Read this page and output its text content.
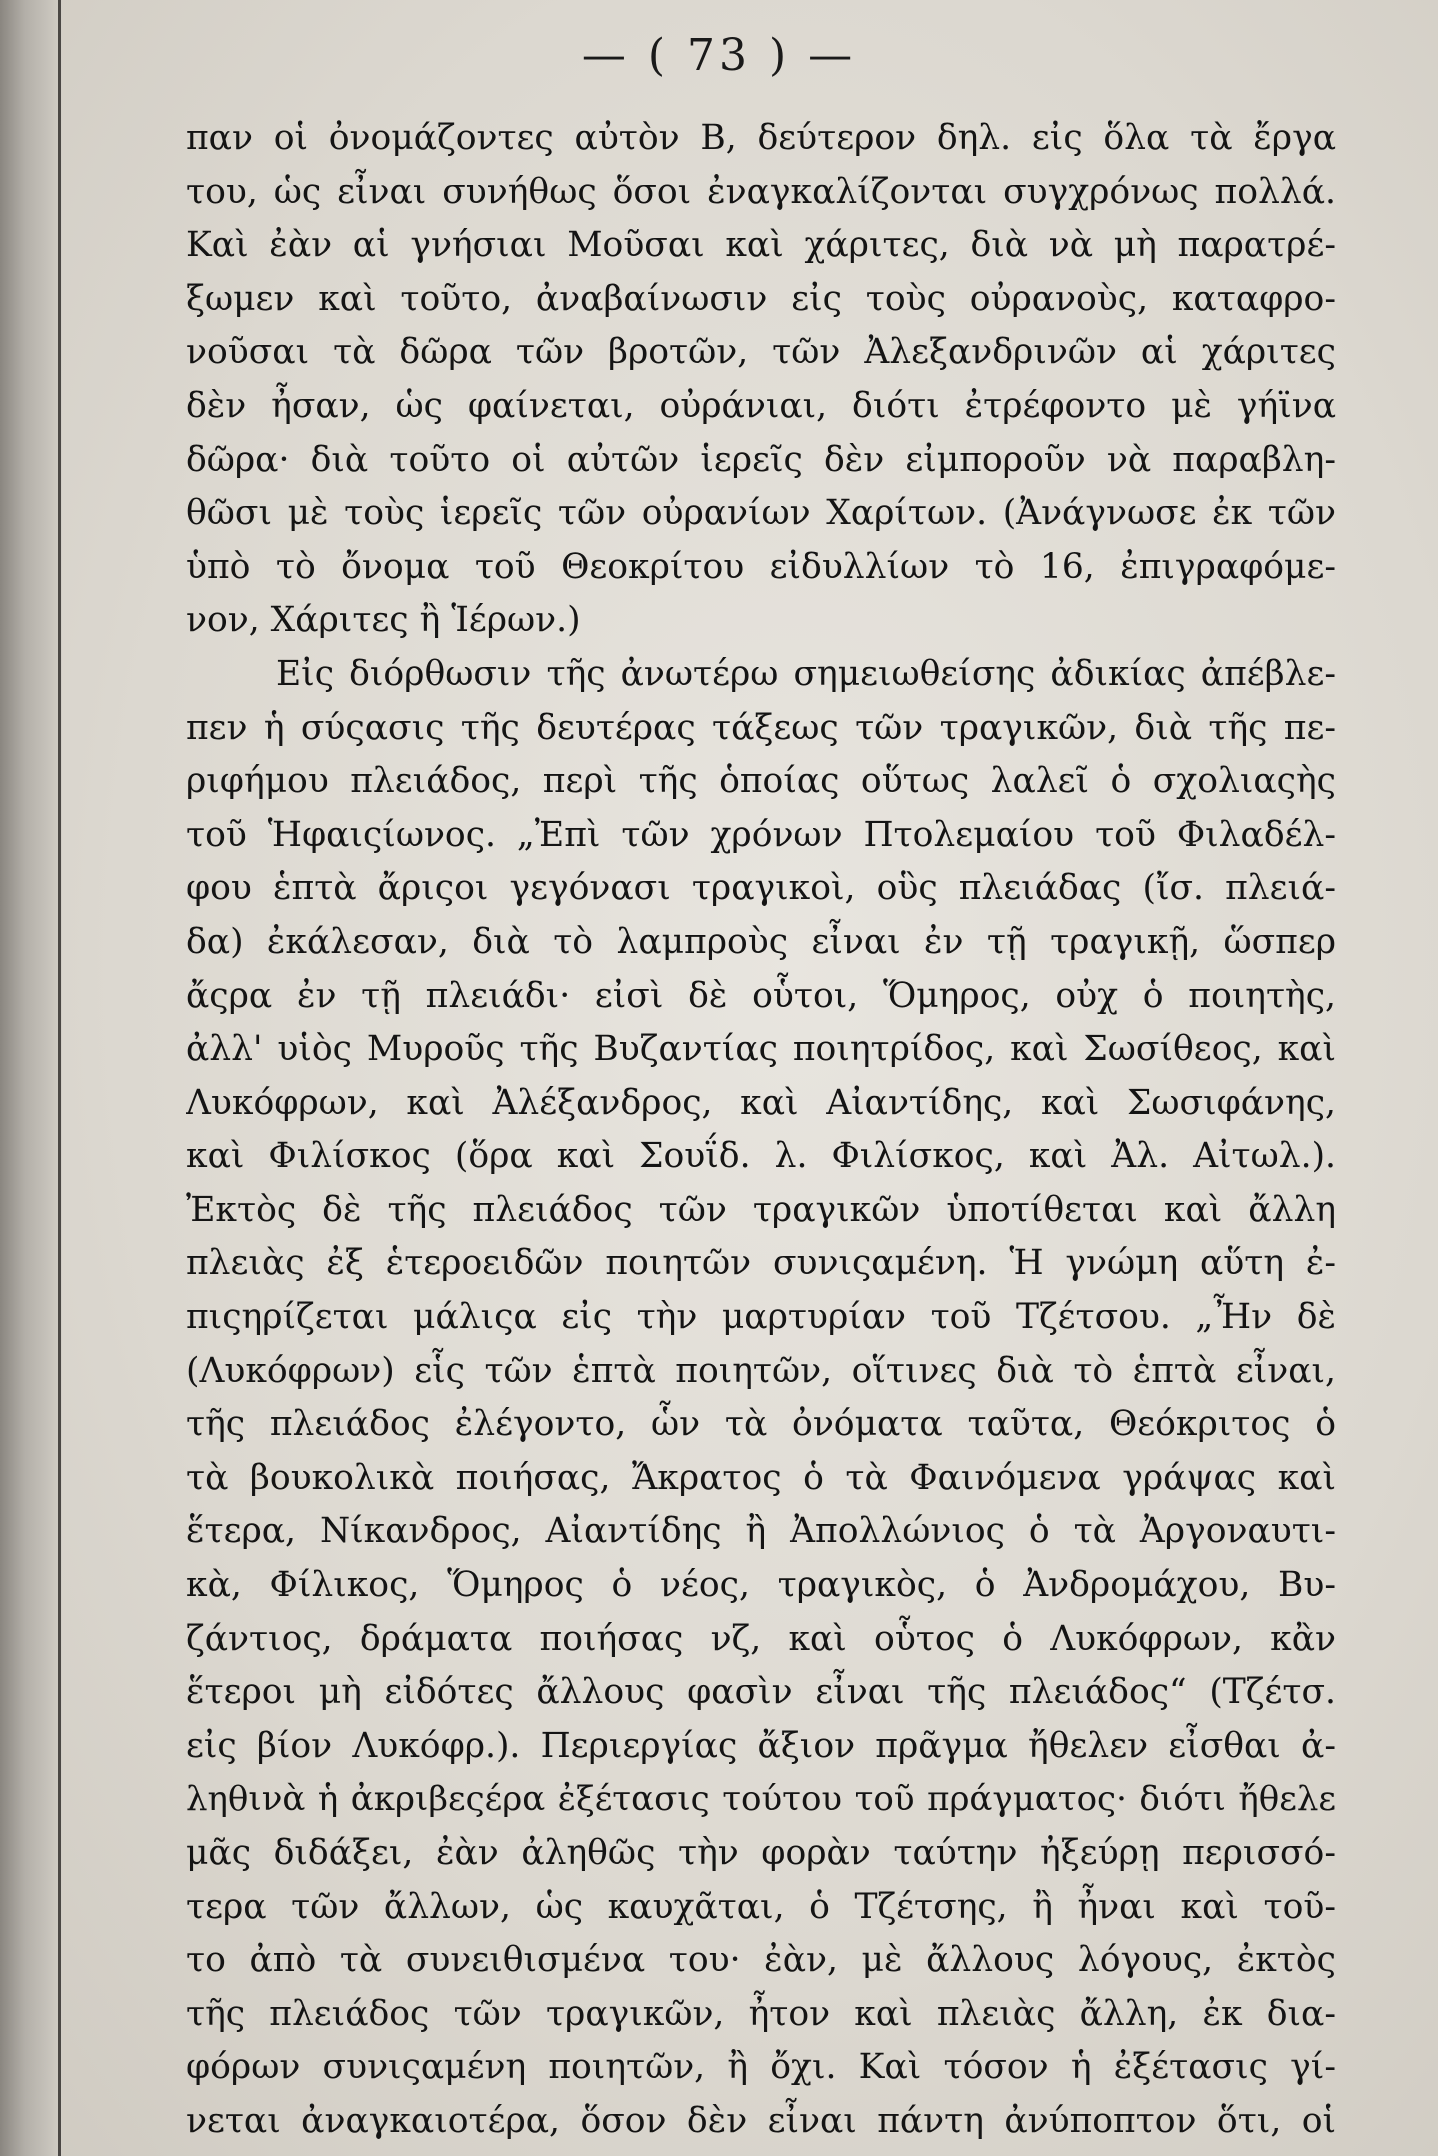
— ( 73 ) —
παν οἱ ὀνομάζοντες αὐτὸν Β, δεύτερον δηλ. εἰς ὅλα τὰ ἔργα
του, ὡς εἶναι συνήθως ὅσοι ἐναγκαλίζονται συγχρόνως πολλά.
Καὶ ἐὰν αἱ γνήσιαι Μοῦσαι καὶ χάριτες, διὰ νὰ μὴ παρατρέ-
ξωμεν καὶ τοῦτο, ἀναβαίνωσιν εἰς τοὺς οὐρανοὺς, καταφρο-
νοῦσαι τὰ δῶρα τῶν βροτῶν, τῶν Ἀλεξανδρινῶν αἱ χάριτες
δὲν ἦσαν, ὡς φαίνεται, οὐράνιαι, διότι ἐτρέφοντο μὲ γήϊνα
δῶρα· διὰ τοῦτο οἱ αὐτῶν ἱερεῖς δὲν εἰμποροῦν νὰ παραβλη-
θῶσι μὲ τοὺς ἱερεῖς τῶν οὐρανίων Χαρίτων. (Ἀνάγνωσε ἐκ τῶν
ὑπὸ τὸ ὄνομα τοῦ Θεοκρίτου εἰδυλλίων τὸ 16, ἐπιγραφόμε-
νον, Χάριτες ἢ Ἱέρων.)
Εἰς διόρθωσιν τῆς ἀνωτέρω σημειωθείσης ἀδικίας ἀπέβλε-
πεν ἡ σύςασις τῆς δευτέρας τάξεως τῶν τραγικῶν, διὰ τῆς πε-
ριφήμου πλειάδος, περὶ τῆς ὁποίας οὕτως λαλεῖ ὁ σχολιαςὴς
τοῦ Ἡφαιςίωνος. „Ἐπὶ τῶν χρόνων Πτολεμαίου τοῦ Φιλαδέλ-
φου ἑπτὰ ἄριςοι γεγόνασι τραγικοὶ, οὓς πλειάδας (ἴσ. πλειά-
δα) ἐκάλεσαν, διὰ τὸ λαμπροὺς εἶναι ἐν τῇ τραγικῇ, ὥσπερ
ἄςρα ἐν τῇ πλειάδι· εἰσὶ δὲ οὗτοι, Ὅμηρος, οὐχ ὁ ποιητὴς,
ἀλλ' υἱὸς Μυροῦς τῆς Βυζαντίας ποιητρίδος, καὶ Σωσίθεος, καὶ
Λυκόφρων, καὶ Ἀλέξανδρος, καὶ Αἰαντίδης, καὶ Σωσιφάνης,
καὶ Φιλίσκος (ὅρα καὶ Σουΐδ. λ. Φιλίσκος, καὶ Ἀλ. Αἰτωλ.).
Ἐκτὸς δὲ τῆς πλειάδος τῶν τραγικῶν ὑποτίθεται καὶ ἄλλη
πλειὰς ἐξ ἑτεροειδῶν ποιητῶν συνιςαμένη. Ἡ γνώμη αὕτη ἐ-
πιςηρίζεται μάλιςα εἰς τὴν μαρτυρίαν τοῦ Τζέτσου. „Ἦν δὲ
(Λυκόφρων) εἷς τῶν ἑπτὰ ποιητῶν, οἵτινες διὰ τὸ ἑπτὰ εἶναι,
τῆς πλειάδος ἐλέγοντο, ὧν τὰ ὀνόματα ταῦτα, Θεόκριτος ὁ
τὰ βουκολικὰ ποιήσας, Ἄκρατος ὁ τὰ Φαινόμενα γράψας καὶ
ἕτερα, Νίκανδρος, Αἰαντίδης ἢ Ἀπολλώνιος ὁ τὰ Ἀργοναυτι-
κὰ, Φίλικος, Ὅμηρος ὁ νέος, τραγικὸς, ὁ Ἀνδρομάχου, Βυ-
ζάντιος, δράματα ποιήσας νζ, καὶ οὗτος ὁ Λυκόφρων, κἂν
ἕτεροι μὴ εἰδότες ἄλλους φασὶν εἶναι τῆς πλειάδος“ (Τζέτσ.
εἰς βίον Λυκόφρ.). Περιεργίας ἄξιον πρᾶγμα ἤθελεν εἶσθαι ἀ-
ληθινὰ ἡ ἀκριβεςέρα ἐξέτασις τούτου τοῦ πράγματος· διότι ἤθελε
μᾶς διδάξει, ἐὰν ἀληθῶς τὴν φορὰν ταύτην ἠξεύρῃ περισσό-
τερα τῶν ἄλλων, ὡς καυχᾶται, ὁ Τζέτσης, ἢ ἦναι καὶ τοῦ-
το ἀπὸ τὰ συνειθισμένα του· ἐὰν, μὲ ἄλλους λόγους, ἐκτὸς
τῆς πλειάδος τῶν τραγικῶν, ἦτον καὶ πλειὰς ἄλλη, ἐκ δια-
φόρων συνιςαμένη ποιητῶν, ἢ ὄχι. Καὶ τόσον ἡ ἐξέτασις γί-
νεται ἀναγκαιοτέρα, ὅσον δὲν εἶναι πάντη ἀνύποπτον ὅτι, οἱ
